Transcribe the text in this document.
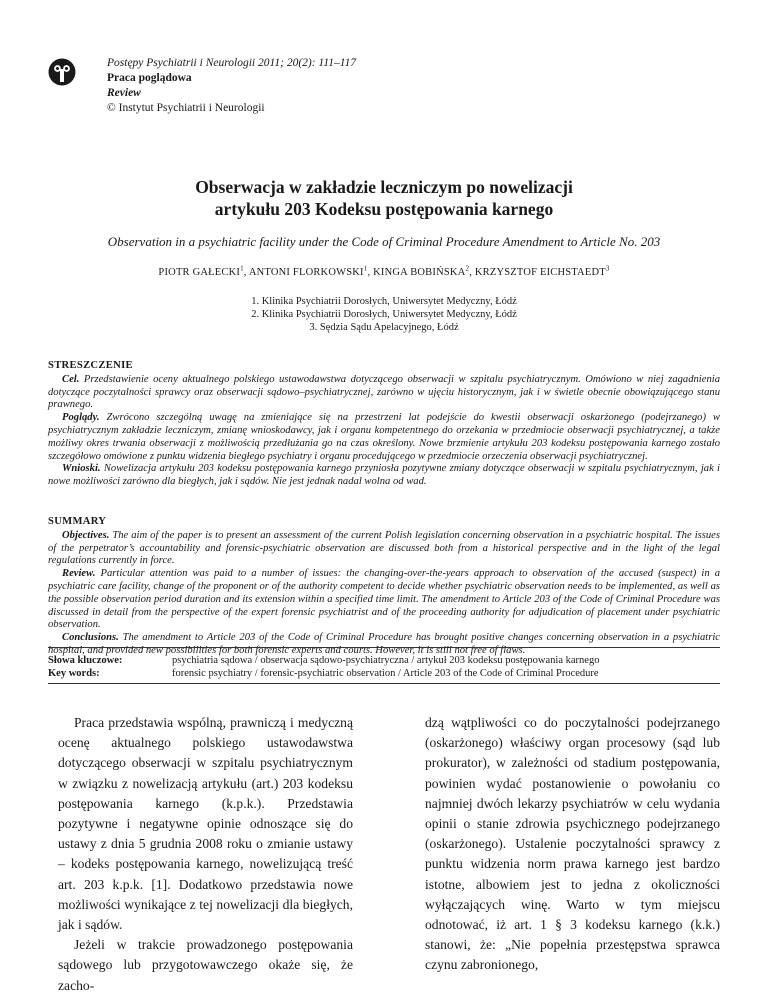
Postępy Psychiatrii i Neurologii 2011; 20(2): 111–117
Praca poglądowa
Review
© Instytut Psychiatrii i Neurologii
Obserwacja w zakładzie leczniczym po nowelizacji
artykułu 203 Kodeksu postępowania karnego
Observation in a psychiatric facility under the Code of Criminal Procedure Amendment to Article No. 203
PIOTR GAŁECKI$^1$, ANTONI FLORKOWSKI$^1$, KINGA BOBIŃSKA$^2$, KRZYSZTOF EICHSTAEDT$^3$
1. Klinika Psychiatrii Dorosłych, Uniwersytet Medyczny, Łódź
2. Klinika Psychiatrii Dorosłych, Uniwersytet Medyczny, Łódź
3. Sędzia Sądu Apelacyjnego, Łódź
STRESZCZENIE

Cel. Przedstawienie oceny aktualnego polskiego ustawodawstwa dotyczącego obserwacji w szpitalu psychiatrycznym. Omówiono w niej zagadnienia dotyczące poczytalności sprawcy oraz obserwacji sądowo–psychiatrycznej, zarówno w ujęciu historycznym, jak i w świetle obecnie obowiązującego stanu prawnego.

Poglądy. Zwrócono szczególną uwagę na zmieniające się na przestrzeni lat podejście do kwestii obserwacji oskarżonego (podejrzanego) w psychiatrycznym zakładzie leczniczym, zmianę wnioskodawcy, jak i organu kompetentnego do orzekania w przedmiocie obserwacji psychiatrycznej, a także możliwy okres trwania obserwacji z możliwością przedłużania go na czas określony. Nowe brzmienie artykułu 203 kodeksu postępowania karnego zostało szczegółowo omówione z punktu widzenia biegłego psychiatry i organu procedującego w przedmiocie orzeczenia obserwacji psychiatrycznej.

Wnioski. Nowelizacja artykułu 203 kodeksu postępowania karnego przyniosła pozytywne zmiany dotyczące obserwacji w szpitalu psychiatrycznym, jak i nowe możliwości zarówno dla biegłych, jak i sądów. Nie jest jednak nadal wolna od wad.

SUMMARY

Objectives. The aim of the paper is to present an assessment of the current Polish legislation concerning observation in a psychiatric hospital. The issues of the perpetrator’s accountability and forensic-psychiatric observation are discussed both from a historical perspective and in the light of the legal regulations currently in force.

Review. Particular attention was paid to a number of issues: the changing-over-the-years approach to observation of the accused (suspect) in a psychiatric care facility, change of the proponent or of the authority competent to decide whether psychiatric observation needs to be implemented, as well as the possible observation period duration and its extension within a specified time limit. The amendment to Article 203 of the Code of Criminal Procedure was discussed in detail from the perspective of the expert forensic psychiatrist and of the proceeding authority for adjudication of placement under psychiatric observation.

Conclusions. The amendment to Article 203 of the Code of Criminal Procedure has brought positive changes concerning observation in a psychiatric hospital, and provided new possibilities for both forensic experts and courts. However, it is still not free of flaws.

Słowa kluczowe:	psychiatria sądowa / obserwacja sądowo-psychiatryczna / artykuł 203 kodeksu postępowania karnego
Key words:	forensic psychiatry / forensic-psychiatric observation / Article 203 of the Code of Criminal Procedure

Praca przedstawia wspólną, prawniczą i medyczną ocenę aktualnego polskiego ustawodawstwa dotyczącego obserwacji w szpitalu psychiatrycznym w związku z nowelizacją artykułu (art.) 203 kodeksu postępowania karnego (k.p.k.). Przedstawia pozytywne i negatywne opinie odnoszące się do ustawy z dnia 5 grudnia 2008 roku o zmianie ustawy – kodeks postępowania karnego, nowelizującą treść art. 203 k.p.k. [1]. Dodatkowo przedstawia nowe możliwości wynikające z tej nowelizacji dla biegłych, jak i sądów.

Jeżeli w trakcie prowadzonego postępowania sądowego lub przygotowawczego okaże się, że zacho-

dzą wątpliwości co do poczytalności podejrzanego (oskarżonego) właściwy organ procesowy (sąd lub prokurator), w zależności od stadium postępowania, powinien wydać postanowienie o powołaniu co najmniej dwóch lekarzy psychiatrów w celu wydania opinii o stanie zdrowia psychicznego podejrzanego (oskarżonego). Ustalenie poczytalności sprawcy z punktu widzenia norm prawa karnego jest bardzo istotne, albowiem jest to jedna z okoliczności wyłączających winę. Warto w tym miejscu odnotować, iż art. 1 § 3 kodeksu karnego (k.k.) stanowi, że: „Nie popełnia przestępstwa sprawca czynu zabronionego,
